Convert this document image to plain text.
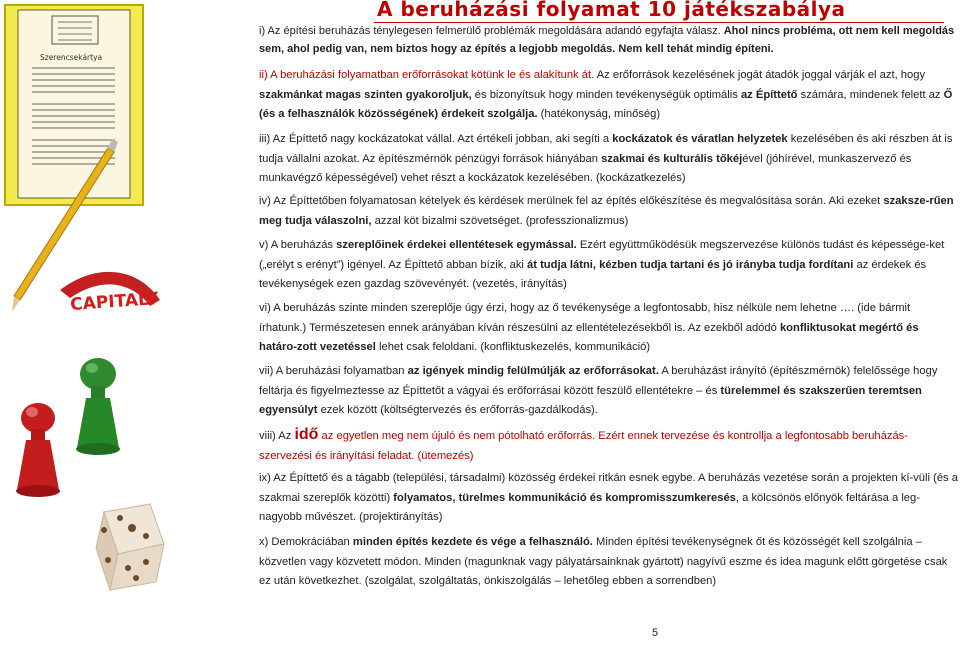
Szerencsekártya
CAPITALY
A beruházási folyamat 10 játékszabálya

i) Az építési beruházás ténylegesen felmerülő problémák megoldására adandó egyfajta válasz. Ahol nincs probléma, ott nem kell megoldás sem, ahol pedig van, nem biztos hogy az építés a legjobb megoldás. Nem kell tehát mindig építeni.

ii) A beruházási folyamatban erőforrásokat kötünk le és alakítunk át. Az erőforrások kezelésének jogát átadók joggal várják el azt, hogy szakmánkat magas szinten gyakoroljuk, és bizonyítsuk hogy minden tevékenységük optimális az Építtető számára, mindenek felett az Ő (és a felhasználók közösségének) érdekeit szolgálja. (hatékonyság, minőség)

iii) Az Építtető nagy kockázatokat vállal. Azt értékeli jobban, aki segíti a kockázatok és váratlan helyzetek kezelésében és aki részben át is tudja vállalni azokat. Az építészmérnök pénzügyi források hiányában szakmai és kulturális tőkéjével (jóhírével, munkaszervező és munkavégző képességével) vehet részt a kockázatok kezelésében. (kockázatkezelés)

iv) Az Építtetőben folyamatosan kételyek és kérdések merülnek fel az építés előkészítése és megvalósítása során. Aki ezeket szaksze-rűen meg tudja válaszolni, azzal köt bizalmi szövetséget. (professzionalizmus)

v) A beruházás szereplőinek érdekei ellentétesek egymással. Ezért együttműködésük megszervezése különös tudást és képessége-ket („erélyt s erényt”) igényel. Az Építtető abban bízik, aki át tudja látni, kézben tudja tartani és jó irányba tudja fordítani az érdekek és tevékenységek ezen gazdag szövevényét. (vezetés, irányítás)

vi) A beruházás szinte minden szereplője úgy érzi, hogy az ő tevékenysége a legfontosabb, hisz nélküle nem lehetne …. (ide bármit írhatunk.) Természetesen ennek arányában kíván részesülni az ellentételezésekből is. Az ezekből adódó konfliktusokat megértő és határo-zott vezetéssel lehet csak feloldani. (konfliktuskezelés, kommunikáció)

vii) A beruházási folyamatban az igények mindig felülmúlják az erőforrásokat. A beruházást irányító (építészmérnök) felelőssége hogy feltárja és figyelmeztesse az Építtetőt a vágyai és erőforrásai között feszülő ellentétekre – és türelemmel és szakszerűen teremtsen egyensúlyt ezek között (költségtervezés és erőforrás-gazdálkodás).

viii) Az idő az egyetlen meg nem újuló és nem pótolható erőforrás. Ezért ennek tervezése és kontrollja a legfontosabb beruházás-szervezési és irányítási feladat. (ütemezés)

ix) Az Építtető és a tágabb (települési, társadalmi) közösség érdekei ritkán esnek egybe. A beruházás vezetése során a projekten kí-vüli (és a szakmai szereplők közötti) folyamatos, türelmes kommunikáció és kompromisszumkeresés, a kölcsönös előnyök feltárása a leg-nagyobb művészet. (projektirányítás)

x) Demokráciában minden építés kezdete és vége a felhasználó. Minden építési tevékenységnek őt és közösségét kell szolgálnia – közvetlen vagy közvetett módon. Minden (magunknak vagy pályatársainknak gyártott) nagyívű eszme és idea magunk előtt görgetése csak ez után következhet. (szolgálat, szolgáltatás, önkiszolgálás – lehetőleg ebben a sorrendben)

5
